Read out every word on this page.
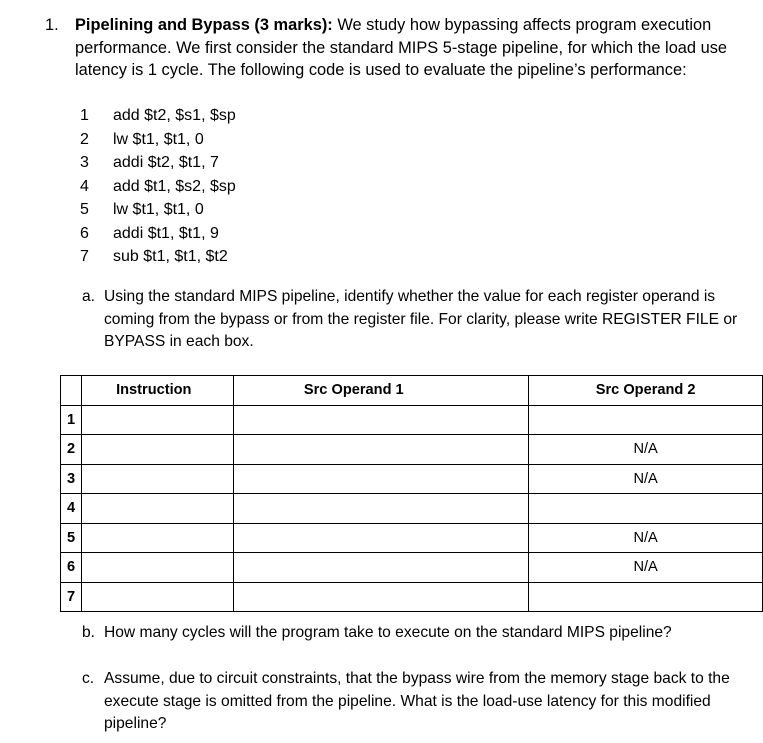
1. Pipelining and Bypass (3 marks): We study how bypassing affects program execution performance. We first consider the standard MIPS 5-stage pipeline, for which the load use latency is 1 cycle. The following code is used to evaluate the pipeline’s performance:
1	add $t2, $s1, $sp
2	lw $t1, $t1, 0
3	addi $t2, $t1, 7
4	add $t1, $s2, $sp
5	lw $t1, $t1, 0
6	addi $t1, $t1, 9
7	sub $t1, $t1, $t2
a. Using the standard MIPS pipeline, identify whether the value for each register operand is coming from the bypass or from the register file. For clarity, please write REGISTER FILE or BYPASS in each box.
	Instruction	Src Operand 1	Src Operand 2
1			
2			N/A
3			N/A
4			
5			N/A
6			N/A
7			
b. How many cycles will the program take to execute on the standard MIPS pipeline?
c. Assume, due to circuit constraints, that the bypass wire from the memory stage back to the execute stage is omitted from the pipeline. What is the load-use latency for this modified pipeline?
